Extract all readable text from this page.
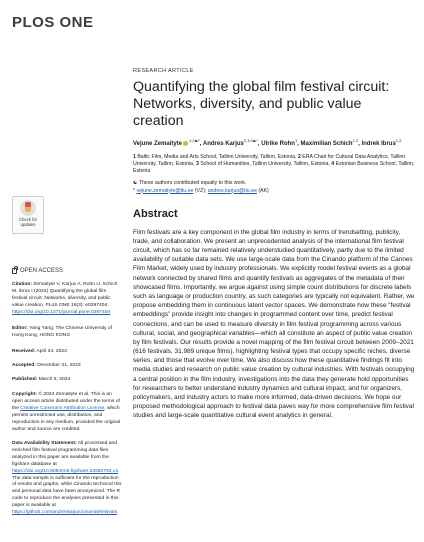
PLOS ONE
Check for
updates
OPEN ACCESS
Citation: Zemaityte V, Karjus A, Rohn U, Schich M, Ibrus I (2024) Quantifying the global film festival circuit: Networks, diversity, and public value creation. PLoS ONE 19(3): e0297404. https://doi.org/10.1371/journal.pone.0297404
Editor: Yang Yang, The Chinese University of Hong Kong, HONG KONG
Received: April 24, 2023
Accepted: December 31, 2023
Published: March 6, 2024
Copyright: © 2024 Zemaityte et al. This is an open access article distributed under the terms of the Creative Commons Attribution License, which permits unrestricted use, distribution, and reproduction in any medium, provided the original author and source are credited.
Data Availability Statement: All processed and enriched film festival programming data files analyzed in this paper are available from the figshare database at https://doi.org/10.6084/m9.figshare.22682794.v1. The data sample is sufficient for the reproduction of results and graphs, while Cinando technical IDs and personal data have been anonymized. The R code to reproduce the analyses presented in this paper is available at https://github.com/andreskarjus/cinandofestivals.
RESEARCH ARTICLE
Quantifying the global film festival circuit: Networks, diversity, and public value creation
Vejune Zemaityte$^{1,2☯*}$, Andres Karjus$^{2,3,4☯*}$, Ulrike Rohn$^1$, Maximilian Schich$^{1,2}$, Indrek Ibrus$^{1,2}$
1 Baltic Film, Media and Arts School, Tallinn University, Tallinn, Estonia, 2 ERA Chair for Cultural Data Analytics, Tallinn University, Tallinn, Estonia, 3 School of Humanities, Tallinn University, Tallinn, Estonia, 4 Estonian Business School, Tallinn, Estonia
☯ These authors contributed equally to this work.
* vejune.zemaityte@tlu.ee (VZ); andres.karjus@tlu.ee (AK)
Abstract

Film festivals are a key component in the global film industry in terms of trendsetting, publicity, trade, and collaboration. We present an unprecedented analysis of the international film festival circuit, which has so far remained relatively understudied quantitatively, partly due to the limited availability of suitable data sets. We use large-scale data from the Cinando platform of the Cannes Film Market, widely used by industry professionals. We explicitly model festival events as a global network connected by shared films and quantify festivals as aggregates of the metadata of their showcased films. Importantly, we argue against using simple count distributions for discrete labels such as language or production country, as such categories are typically not equivalent. Rather, we propose embedding them in continuous latent vector spaces. We demonstrate how these “festival embeddings” provide insight into changes in programmed content over time, predict festival connections, and can be used to measure diversity in film festival programming across various cultural, social, and geographical variables—which all constitute an aspect of public value creation by film festivals. Our results provide a novel mapping of the film festival circuit between 2009–2021 (616 festivals, 31,989 unique films), highlighting festival types that occupy specific niches, diverse series, and those that evolve over time. We also discuss how these quantitative findings fit into media studies and research on public value creation by cultural industries. With festivals occupying a central position in the film industry, investigations into the data they generate hold opportunities for researchers to better understand industry dynamics and cultural impact, and for organizers, policymakers, and industry actors to make more informed, data-driven decisions. We hope our proposed methodological approach to festival data paves way for more comprehensive film festival studies and large-scale quantitative cultural event analytics in general.
